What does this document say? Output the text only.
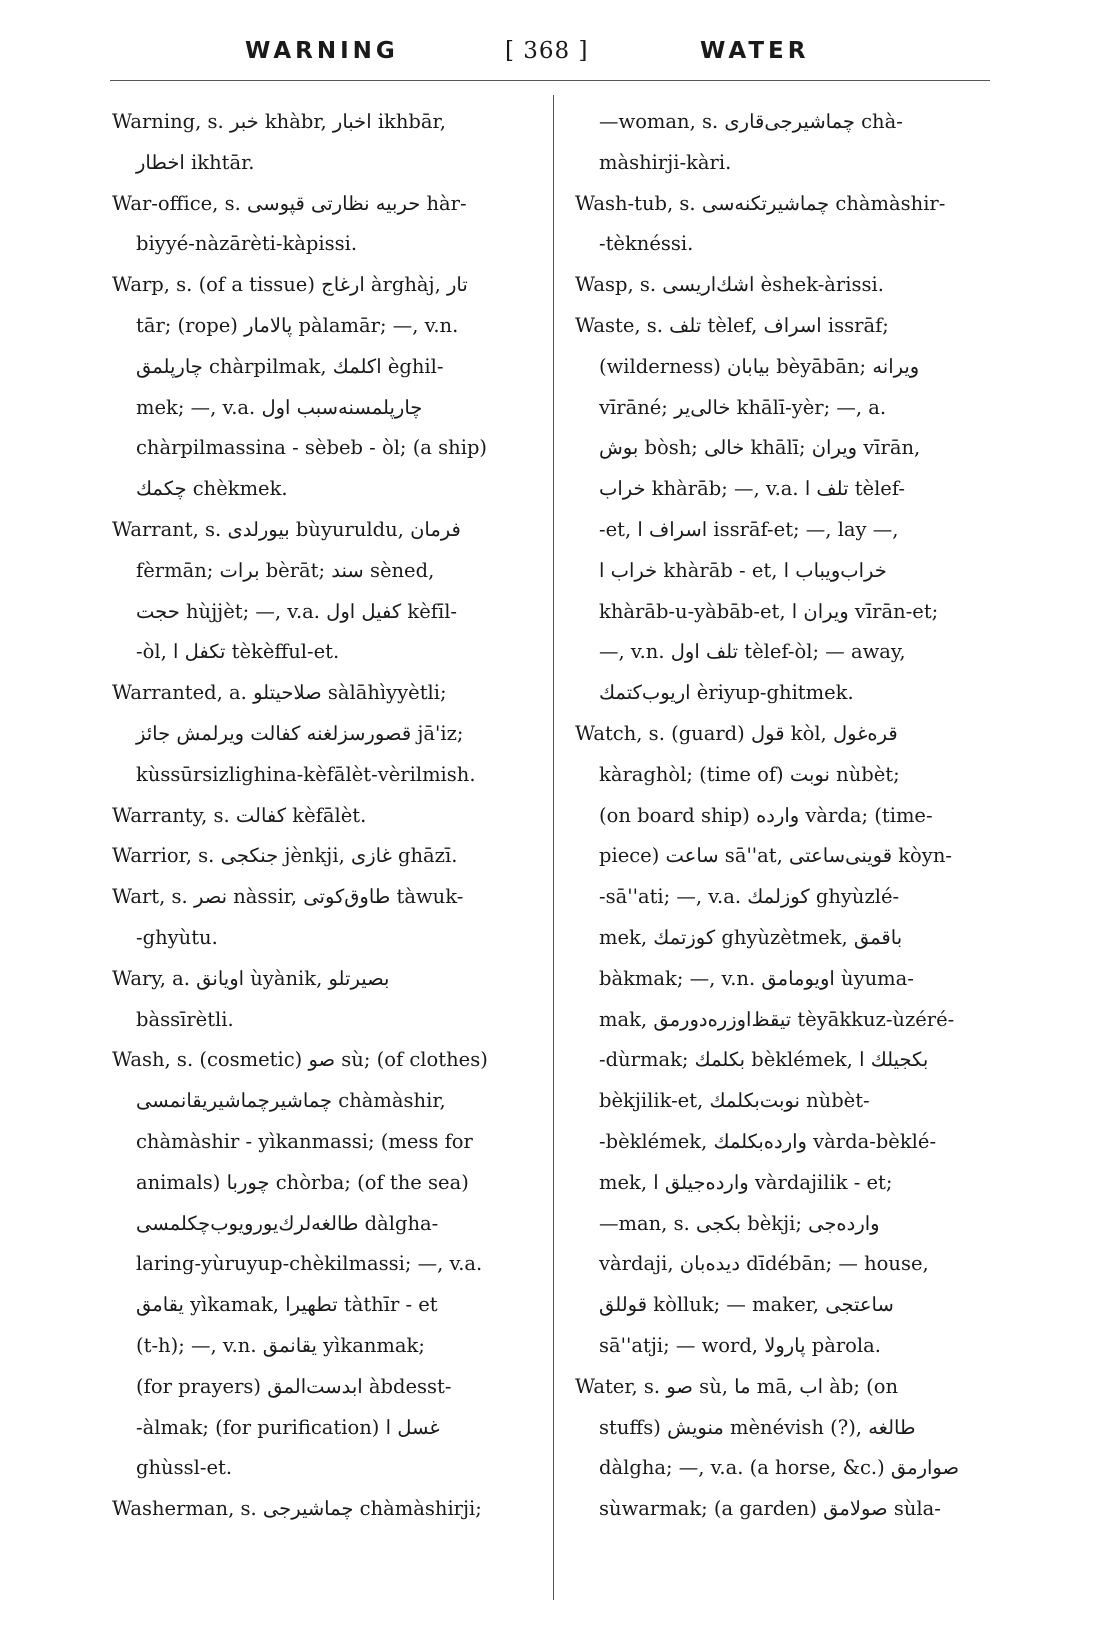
WARNING	[ 368 ]	WATER
Warning, s. خبر khàbr, اخبار ikhbār,
اخطار ikhtār.
War-office, s. حربیه نظارتی قپوسی hàr-
biyyé-nàzārèti-kàpissi.
Warp, s. (of a tissue) ارغاج àrghàj, تار
tār; (rope) پالامار pàlamār; —, v.n.
چارپلمق chàrpilmak, اكلمك èghil-
mek; —, v.a. چارپلمسنه‌سبب اول
chàrpilmassina - sèbeb - òl; (a ship)
چكمك chèkmek.
Warrant, s. بیورلدی bùyuruldu, فرمان
fèrmān; برات bèrāt; سند sèned,
حجت hùjjèt; —, v.a. كفیل اول kèfīl-
-òl, تكفل ا tèkèfful-et.
Warranted, a. صلاحیتلو sàlāhìyyètli;
قصورسزلغنه كفالت ویرلمش جائز jā'iz;
kùssūrsizlighina-kèfālèt-vèrilmish.
Warranty, s. كفالت kèfālèt.
Warrior, s. جنكجی jènkji, غازی ghāzī.
Wart, s. نصر nàssir, طاوق‌كوتی tàwuk-
-ghyùtu.
Wary, a. اویانق ùyànik, بصیرتلو
bàssīrètli.
Wash, s. (cosmetic) صو sù; (of clothes)
چماشیرچماشیریقانمسی chàmàshir,
chàmàshir - yìkanmassi; (mess for
animals) چوربا chòrba; (of the sea)
طالغه‌لرك‌یورویوب‌چكلمسی dàlgha-
laring-yùruyup-chèkilmassi; —, v.a.
یقامق yìkamak, تطهیرا tàthīr - et
(t-h); —, v.n. یقانمق yìkanmak;
(for prayers) ابدست‌المق àbdesst-
-àlmak; (for purification) غسل ا
ghùssl-et.
Washerman, s. چماشیرجی chàmàshirji;
—woman, s. چماشیرجی‌قاری chà-
màshirji-kàri.
Wash-tub, s. چماشیرتكنه‌سی chàmàshir-
-tèknéssi.
Wasp, s. اشك‌اریسی èshek-àrissi.
Waste, s. تلف tèlef, اسراف issrāf;
(wilderness) بیابان bèyābān; ویرانه
vīrāné; خالی‌یر khālī-yèr; —, a.
بوش bòsh; خالی khālī; ویران vīrān,
خراب khàrāb; —, v.a. تلف ا tèlef-
-et, اسراف ا issrāf-et; —, lay —,
خراب ا khàrāb - et, خراب‌ویباب ا
khàrāb-u-yàbāb-et, ویران ا vīrān-et;
—, v.n. تلف اول tèlef-òl; — away,
اریوب‌كتمك èriyup-ghitmek.
Watch, s. (guard) قول kòl, قره‌غول
kàraghòl; (time of) نوبت nùbèt;
(on board ship) وارده vàrda; (time-
piece) ساعت sā''at, قوینی‌ساعتی kòyn-
-sā''ati; —, v.a. كوزلمك ghyùzlé-
mek, كوزتمك ghyùzètmek, باقمق
bàkmak; —, v.n. اویومامق ùyuma-
mak, تیقظ‌اوزره‌دورمق tèyākkuz-ùzéré-
-dùrmak; بكلمك bèklémek, بكجیلك ا
bèkjilik-et, نوبت‌بكلمك nùbèt-
-bèklémek, وارده‌بكلمك vàrda-bèklé-
mek, وارده‌جیلق ا vàrdajilik - et;
—man, s. بكجی bèkji; وارده‌جی
vàrdaji, دیده‌بان dīdébān; — house,
قوللق kòlluk; — maker, ساعتجی
sā''atji; — word, پارولا pàrola.
Water, s. صو sù, ما mā, اب àb; (on
stuffs) منویش mènévish (?), طالغه
dàlgha; —, v.a. (a horse, &c.) صوارمق
sùwarmak; (a garden) صولامق sùla-
